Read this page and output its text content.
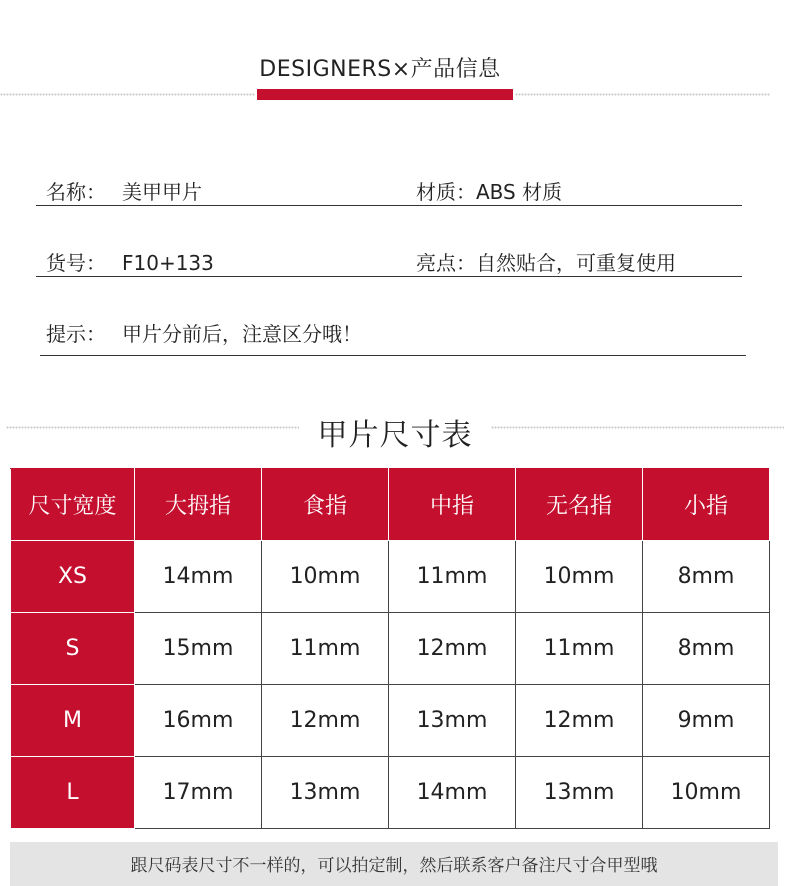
DESIGNERS×产品信息
名称： 美甲甲片	材质：ABS 材质
货号： F10+133	亮点：自然贴合，可重复使用
提示： 甲片分前后，注意区分哦！
甲片尺寸表
尺寸宽度	大拇指	食指	中指	无名指	小指
XS	14mm	10mm	11mm	10mm	8mm
S	15mm	11mm	12mm	11mm	8mm
M	16mm	12mm	13mm	12mm	9mm
L	17mm	13mm	14mm	13mm	10mm
跟尺码表尺寸不一样的，可以拍定制，然后联系客户备注尺寸合甲型哦
